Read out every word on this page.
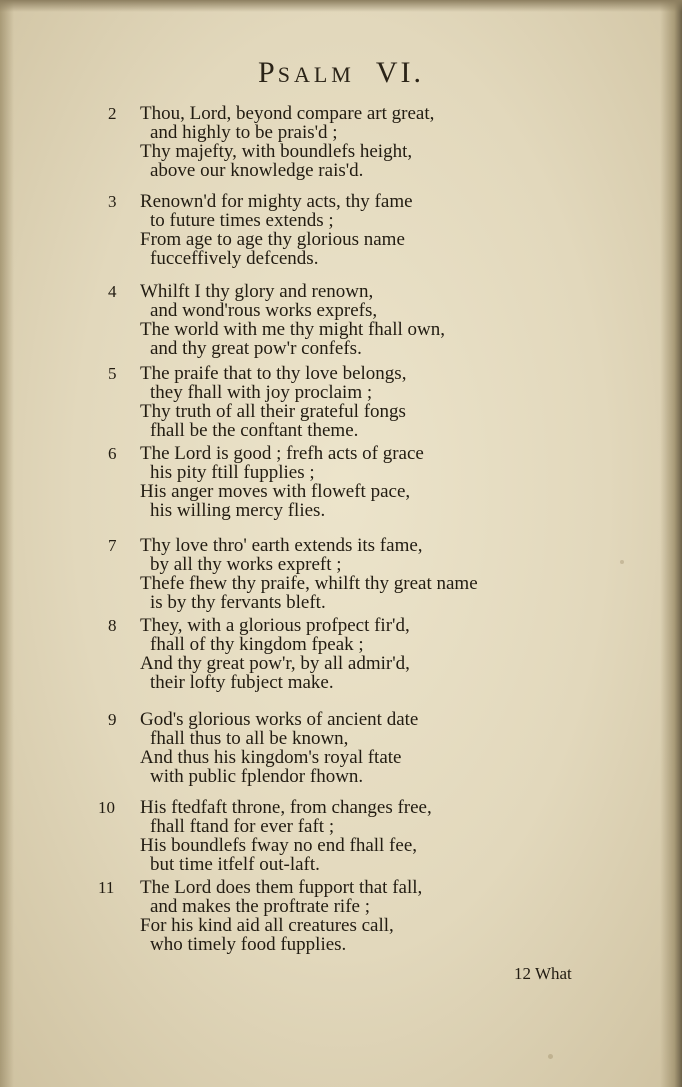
PSALM VI.
2	Thou, Lord, beyond compare art great,
and highly to be prais'd ;
Thy majefty, with boundlefs height,
above our knowledge rais'd.
3	Renown'd for mighty acts, thy fame
to future times extends ;
From age to age thy glorious name
fucceffively defcends.
4	Whilft I thy glory and renown,
and wond'rous works exprefs,
The world with me thy might fhall own,
and thy great pow'r confefs.
5	The praife that to thy love belongs,
they fhall with joy proclaim ;
Thy truth of all their grateful fongs
fhall be the conftant theme.
6	The Lord is good ; frefh acts of grace
his pity ftill fupplies ;
His anger moves with floweft pace,
his willing mercy flies.
7	Thy love thro' earth extends its fame,
by all thy works expreft ;
Thefe fhew thy praife, whilft thy great name
is by thy fervants bleft.
8	They, with a glorious profpect fir'd,
fhall of thy kingdom fpeak ;
And thy great pow'r, by all admir'd,
their lofty fubject make.
9	God's glorious works of ancient date
fhall thus to all be known,
And thus his kingdom's royal ftate
with public fplendor fhown.
10	His ftedfaft throne, from changes free,
fhall ftand for ever faft ;
His boundlefs fway no end fhall fee,
but time itfelf out-laft.
11	The Lord does them fupport that fall,
and makes the proftrate rife ;
For his kind aid all creatures call,
who timely food fupplies.
12 What
